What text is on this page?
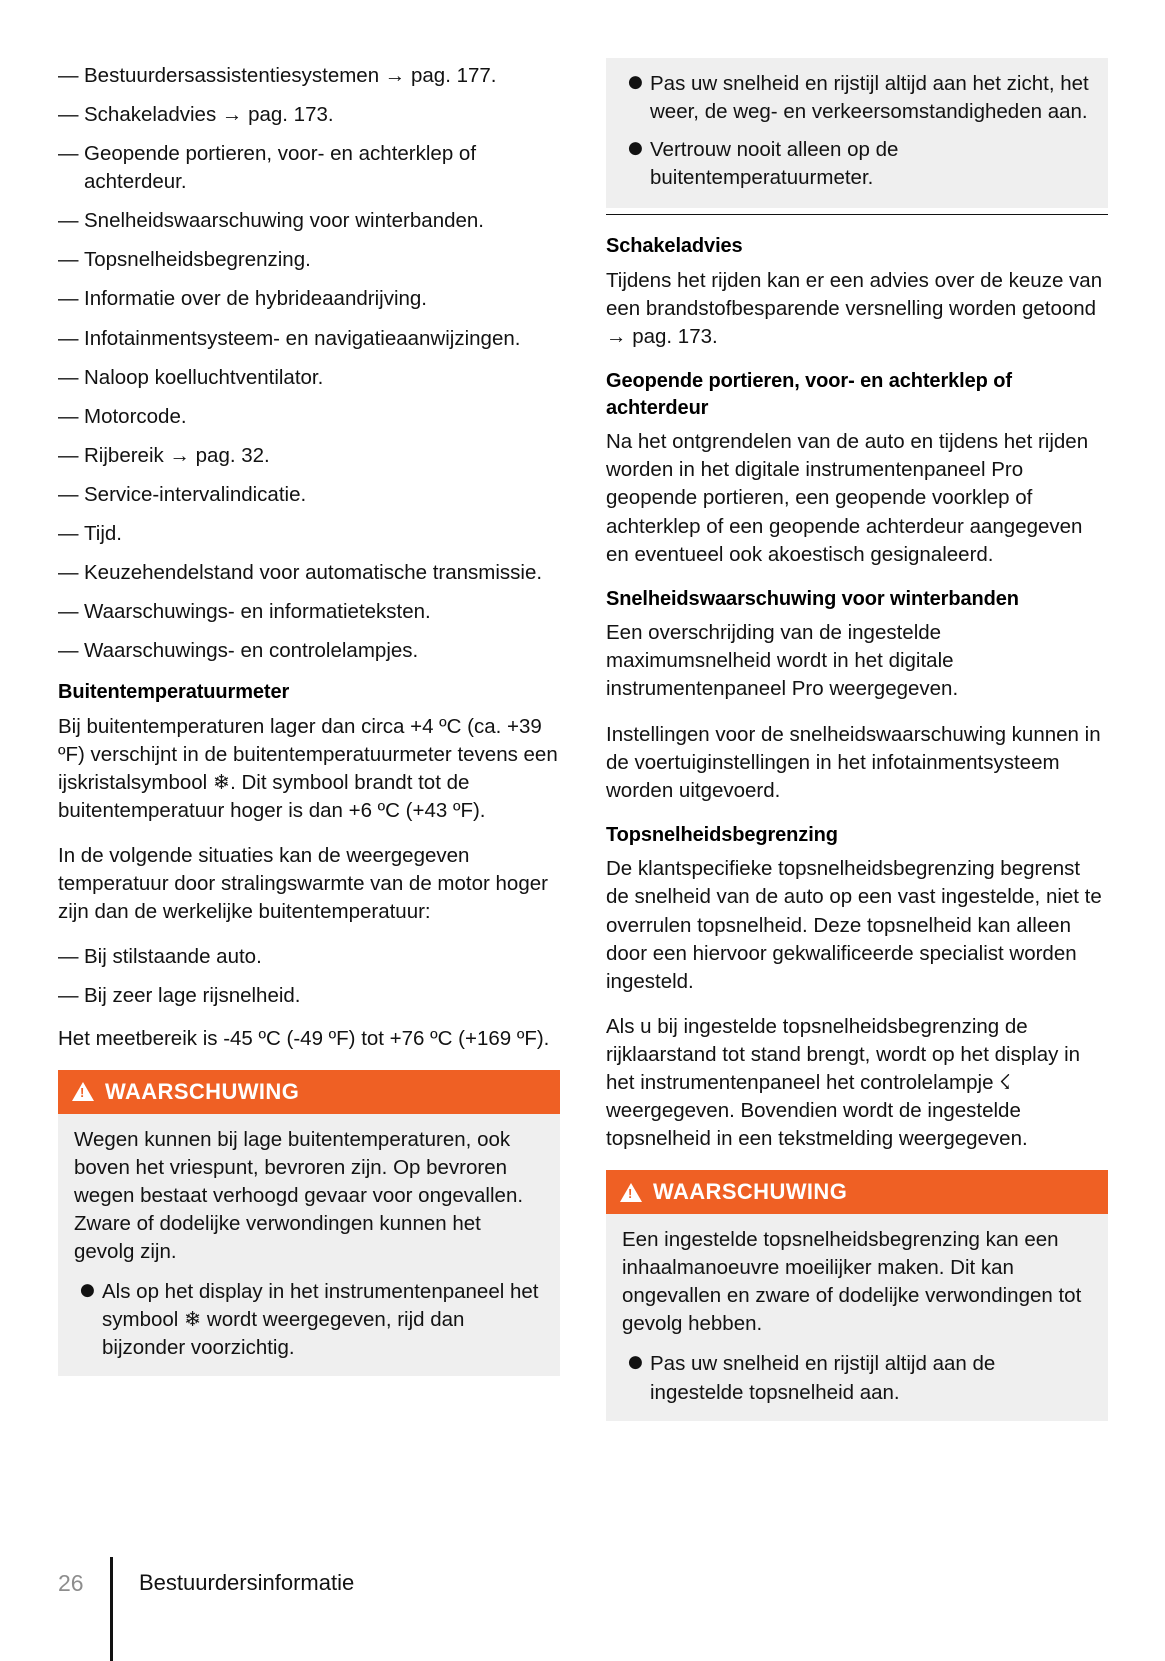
— Bestuurdersassistentiesystemen → pag. 177.
— Schakeladvies → pag. 173.
— Geopende portieren, voor- en achterklep of achterdeur.
— Snelheidswaarschuwing voor winterbanden.
— Topsnelheidsbegrenzing.
— Informatie over de hybrideaandrijving.
— Infotainmentsysteem- en navigatieaanwijzingen.
— Naloop koelluchtventilator.
— Motorcode.
— Rijbereik → pag. 32.
— Service-intervalindicatie.
— Tijd.
— Keuzehendelstand voor automatische transmissie.
— Waarschuwings- en informatieteksten.
— Waarschuwings- en controlelampjes.
Buitentemperatuurmeter

Bij buitentemperaturen lager dan circa +4 ºC (ca. +39 ºF) verschijnt in de buitentemperatuurmeter tevens een ijskristalsymbool ❄. Dit symbool brandt tot de buitentemperatuur hoger is dan +6 ºC (+43 ºF).

In de volgende situaties kan de weergegeven temperatuur door stralingswarmte van de motor hoger zijn dan de werkelijke buitentemperatuur:

— Bij stilstaande auto.
— Bij zeer lage rijsnelheid.

Het meetbereik is -45 ºC (-49 ºF) tot +76 ºC (+169 ºF).

!
WAARSCHUWING

Wegen kunnen bij lage buitentemperaturen, ook boven het vriespunt, bevroren zijn. Op bevroren wegen bestaat verhoogd gevaar voor ongevallen. Zware of dodelijke verwondingen kunnen het gevolg zijn.

● Als op het display in het instrumentenpaneel het symbool ❄ wordt weergegeven, rijd dan bijzonder voorzichtig.
● Pas uw snelheid en rijstijl altijd aan het zicht, het weer, de weg- en verkeersomstandigheden aan.
● Vertrouw nooit alleen op de buitentemperatuurmeter.
Schakeladvies

Tijdens het rijden kan er een advies over de keuze van een brandstofbesparende versnelling worden getoond → pag. 173.

Geopende portieren, voor- en achterklep of achterdeur

Na het ontgrendelen van de auto en tijdens het rijden worden in het digitale instrumentenpaneel Pro geopende portieren, een geopende voorklep of achterklep of een geopende achterdeur aangegeven en eventueel ook akoestisch gesignaleerd.

Snelheidswaarschuwing voor winterbanden

Een overschrijding van de ingestelde maximumsnelheid wordt in het digitale instrumentenpaneel Pro weergegeven.

Instellingen voor de snelheidswaarschuwing kunnen in de voertuiginstellingen in het infotainmentsysteem worden uitgevoerd.

Topsnelheidsbegrenzing

De klantspecifieke topsnelheidsbegrenzing begrenst de snelheid van de auto op een vast ingestelde, niet te overrulen topsnelheid. Deze topsnelheid kan alleen door een hiervoor gekwalificeerde specialist worden ingesteld.

Als u bij ingestelde topsnelheidsbegrenzing de rijklaarstand tot stand brengt, wordt op het display in het instrumentenpaneel het controlelampje ☇ weergegeven. Bovendien wordt de ingestelde topsnelheid in een tekstmelding weergegeven.

!
WAARSCHUWING

Een ingestelde topsnelheidsbegrenzing kan een inhaalmanoeuvre moeilijker maken. Dit kan ongevallen en zware of dodelijke verwondingen tot gevolg hebben.

● Pas uw snelheid en rijstijl altijd aan de ingestelde topsnelheid aan.
26	Bestuurdersinformatie
